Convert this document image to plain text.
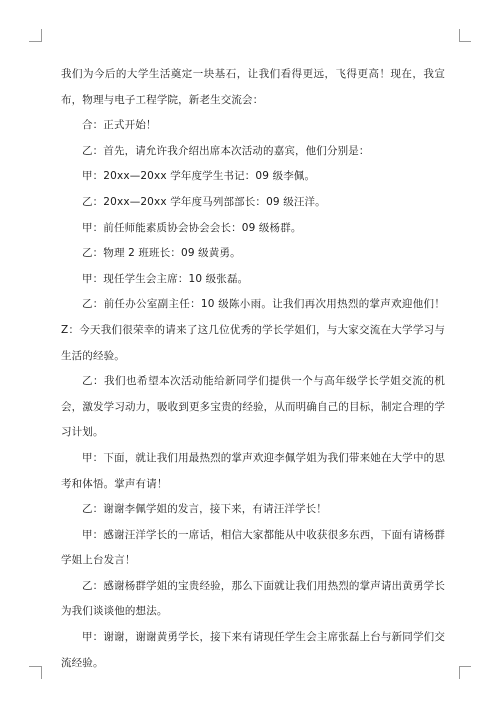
我们为今后的大学生活奠定一块基石，让我们看得更远，飞得更高！现在，我宣布，物理与电子工程学院，新老生交流会：

合：正式开始！

乙：首先，请允许我介绍出席本次活动的嘉宾，他们分别是：

甲：20xx—20xx 学年度学生书记：09 级李佩。

乙：20xx—20xx 学年度马列部部长：09 级汪洋。

甲：前任师能素质协会协会会长：09 级杨群。

乙：物理 2 班班长：09 级黄勇。

甲：现任学生会主席：10 级张磊。

乙：前任办公室副主任：10 级陈小雨。让我们再次用热烈的掌声欢迎他们！Z：今天我们很荣幸的请来了这几位优秀的学长学姐们，与大家交流在大学学习与生活的经验。

乙：我们也希望本次活动能给新同学们提供一个与高年级学长学姐交流的机会，激发学习动力，吸收到更多宝贵的经验，从而明确自己的目标，制定合理的学习计划。

甲：下面，就让我们用最热烈的掌声欢迎李佩学姐为我们带来她在大学中的思考和体悟。掌声有请！

乙：谢谢李佩学姐的发言，接下来，有请汪洋学长！

甲：感谢汪洋学长的一席话，相信大家都能从中收获很多东西，下面有请杨群学姐上台发言！

乙：感谢杨群学姐的宝贵经验，那么下面就让我们用热烈的掌声请出黄勇学长为我们谈谈他的想法。

甲：谢谢，谢谢黄勇学长，接下来有请现任学生会主席张磊上台与新同学们交流经验。
